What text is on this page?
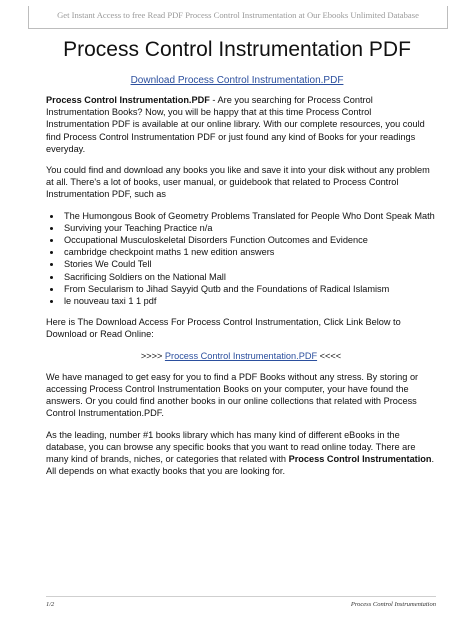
Get Instant Access to free Read PDF Process Control Instrumentation at Our Ebooks Unlimited Database
Process Control Instrumentation PDF
Download Process Control Instrumentation.PDF

Process Control Instrumentation.PDF - Are you searching for Process Control Instrumentation Books? Now, you will be happy that at this time Process Control Instrumentation PDF is available at our online library. With our complete resources, you could find Process Control Instrumentation PDF or just found any kind of Books for your readings everyday.

You could find and download any books you like and save it into your disk without any problem at all. There's a lot of books, user manual, or guidebook that related to Process Control Instrumentation PDF, such as

• The Humongous Book of Geometry Problems Translated for People Who Dont Speak Math
• Surviving your Teaching Practice n/a
• Occupational Musculoskeletal Disorders Function Outcomes and Evidence
• cambridge checkpoint maths 1 new edition answers
• Stories We Could Tell
• Sacrificing Soldiers on the National Mall
• From Secularism to Jihad Sayyid Qutb and the Foundations of Radical Islamism
• le nouveau taxi 1 1 pdf

Here is The Download Access For Process Control Instrumentation, Click Link Below to Download or Read Online:

>>>> Process Control Instrumentation.PDF <<<<

We have managed to get easy for you to find a PDF Books without any stress. By storing or accessing Process Control Instrumentation Books on your computer, your have found the answers. Or you could find another books in our online collections that related with Process Control Instrumentation.PDF.

As the leading, number #1 books library which has many kind of different eBooks in the database, you can browse any specific books that you want to read online today. There are many kind of brands, niches, or categories that related with Process Control Instrumentation. All depends on what exactly books that you are looking for.

1/2	Process Control Instrumentation
